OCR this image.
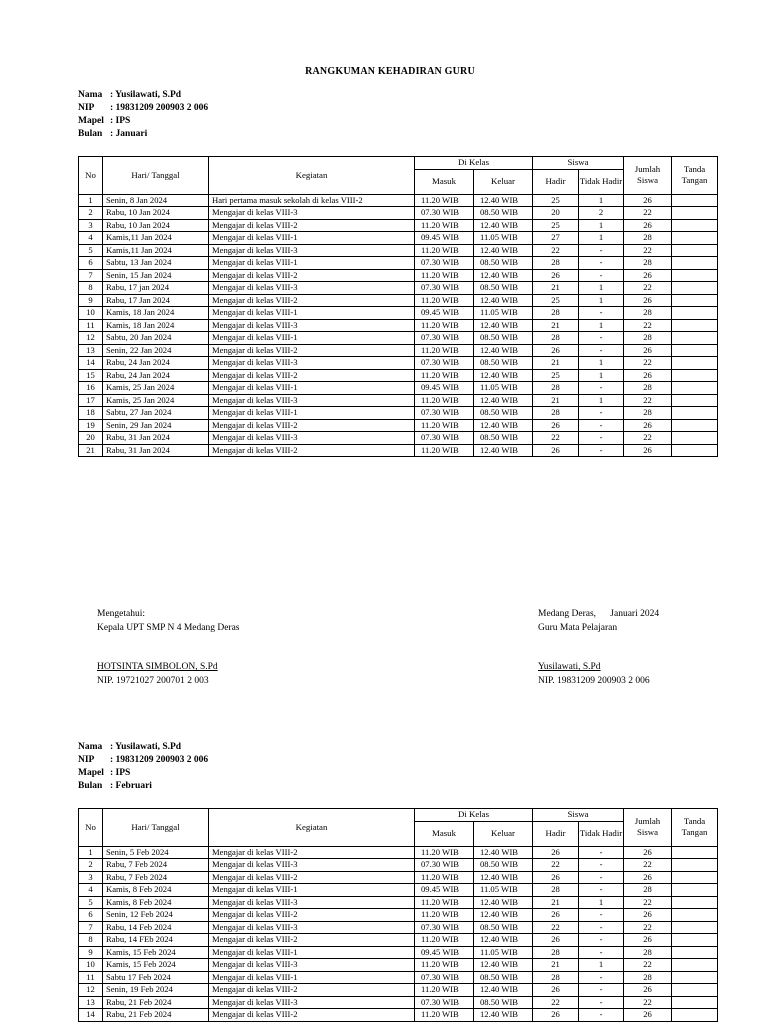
RANGKUMAN KEHADIRAN GURU
Nama : Yusilawati, S.Pd
NIP	: 19831209 200903 2 006
Mapel : IPS
Bulan : Januari
No	Hari/ Tanggal	Kegiatan	Di Kelas		Siswa		Jumlah Siswa	Tanda Tangan
			Masuk	Keluar	Hadir	Tidak Hadir		
1	Senin, 8 Jan 2024	Hari pertama masuk sekolah di kelas VIII-2	11.20 WIB	12.40 WIB	25	1	26	
2	Rabu, 10 Jan 2024	Mengajar di kelas VIII-3	07.30 WIB	08.50 WIB	20	2	22	
3	Rabu, 10 Jan 2024	Mengajar di kelas VIII-2	11.20 WIB	12.40 WIB	25	1	26	
4	Kamis,11 Jan 2024	Mengajar di kelas VIII-1	09.45 WIB	11.05 WIB	27	1	28	
5	Kamis,11 Jan 2024	Mengajar di kelas VIII-3	11.20 WIB	12.40 WIB	22	-	22	
6	Sabtu, 13 Jan 2024	Mengajar di kelas VIII-1	07.30 WIB	08.50 WIB	28	-	28	
7	Senin, 15 Jan 2024	Mengajar di kelas VIII-2	11.20 WIB	12.40 WIB	26	-	26	
8	Rabu, 17 jan 2024	Mengajar di kelas VIII-3	07.30 WIB	08.50 WIB	21	1	22	
9	Rabu, 17 Jan 2024	Mengajar di kelas VIII-2	11.20 WIB	12.40 WIB	25	1	26	
10	Kamis, 18 Jan 2024	Mengajar di kelas VIII-1	09.45 WIB	11.05 WIB	28	-	28	
11	Kamis, 18 Jan 2024	Mengajar di kelas VIII-3	11.20 WIB	12.40 WIB	21	1	22	
12	Sabtu, 20 Jan 2024	Mengajar di kelas VIII-1	07.30 WIB	08.50 WIB	28	-	28	
13	Senin, 22 Jan 2024	Mengajar di kelas VIII-2	11.20 WIB	12.40 WIB	26	-	26	
14	Rabu, 24 Jan 2024	Mengajar di kelas VIII-3	07.30 WIB	08.50 WIB	21	1	22	
15	Rabu, 24 Jan 2024	Mengajar di kelas VIII-2	11.20 WIB	12.40 WIB	25	1	26	
16	Kamis, 25 Jan 2024	Mengajar di kelas VIII-1	09.45 WIB	11.05 WIB	28	-	28	
17	Kamis, 25 Jan 2024	Mengajar di kelas VIII-3	11.20 WIB	12.40 WIB	21	1	22	
18	Sabtu, 27 Jan 2024	Mengajar di kelas VIII-1	07.30 WIB	08.50 WIB	28	-	28	
19	Senin, 29 Jan 2024	Mengajar di kelas VIII-2	11.20 WIB	12.40 WIB	26	-	26	
20	Rabu, 31 Jan 2024	Mengajar di kelas VIII-3	07.30 WIB	08.50 WIB	22	-	22	
21	Rabu, 31 Jan 2024	Mengajar di kelas VIII-2	11.20 WIB	12.40 WIB	26	-	26	
Mengetahui:
Kepala UPT SMP N 4 Medang Deras
HOTSINTA SIMBOLON, S.Pd
NIP. 19721027 200701 2 003
Medang Deras,      Januari 2024
Guru Mata Pelajaran
Yusilawati, S.Pd
NIP. 19831209 200903 2 006
Nama : Yusilawati, S.Pd
NIP	: 19831209 200903 2 006
Mapel : IPS
Bulan : Februari
No	Hari/ Tanggal	Kegiatan	Di Kelas		Siswa		Jumlah Siswa	Tanda Tangan
			Masuk	Keluar	Hadir	Tidak Hadir		
1	Senin, 5 Feb 2024	Mengajar di kelas VIII-2	11.20 WIB	12.40 WIB	26	-	26	
2	Rabu, 7 Feb 2024	Mengajar di kelas VIII-3	07.30 WIB	08.50 WIB	22	-	22	
3	Rabu, 7 Feb 2024	Mengajar di kelas VIII-2	11.20 WIB	12.40 WIB	26	-	26	
4	Kamis, 8 Feb 2024	Mengajar di kelas VIII-1	09.45 WIB	11.05 WIB	28	-	28	
5	Kamis, 8 Feb 2024	Mengajar di kelas VIII-3	11.20 WIB	12.40 WIB	21	1	22	
6	Senin, 12 Feb 2024	Mengajar di kelas VIII-2	11.20 WIB	12.40 WIB	26	-	26	
7	Rabu, 14 Feb 2024	Mengajar di kelas VIII-3	07.30 WIB	08.50 WIB	22	-	22	
8	Rabu, 14 FEb 2024	Mengajar di kelas VIII-2	11.20 WIB	12.40 WIB	26	-	26	
9	Kamis, 15 Feb 2024	Mengajar di kelas VIII-1	09.45 WIB	11.05 WIB	28	-	28	
10	Kamis, 15 Feb 2024	Mengajar di kelas VIII-3	11.20 WIB	12.40 WIB	21	1	22	
11	Sabtu 17 Feb 2024	Mengajar di kelas VIII-1	07.30 WIB	08.50 WIB	28	-	28	
12	Senin, 19 Feb 2024	Mengajar di kelas VIII-2	11.20 WIB	12.40 WIB	26	-	26	
13	Rabu, 21 Feb 2024	Mengajar di kelas VIII-3	07.30 WIB	08.50 WIB	22	-	22	
14	Rabu, 21 Feb 2024	Mengajar di kelas VIII-2	11.20 WIB	12.40 WIB	26	-	26	
